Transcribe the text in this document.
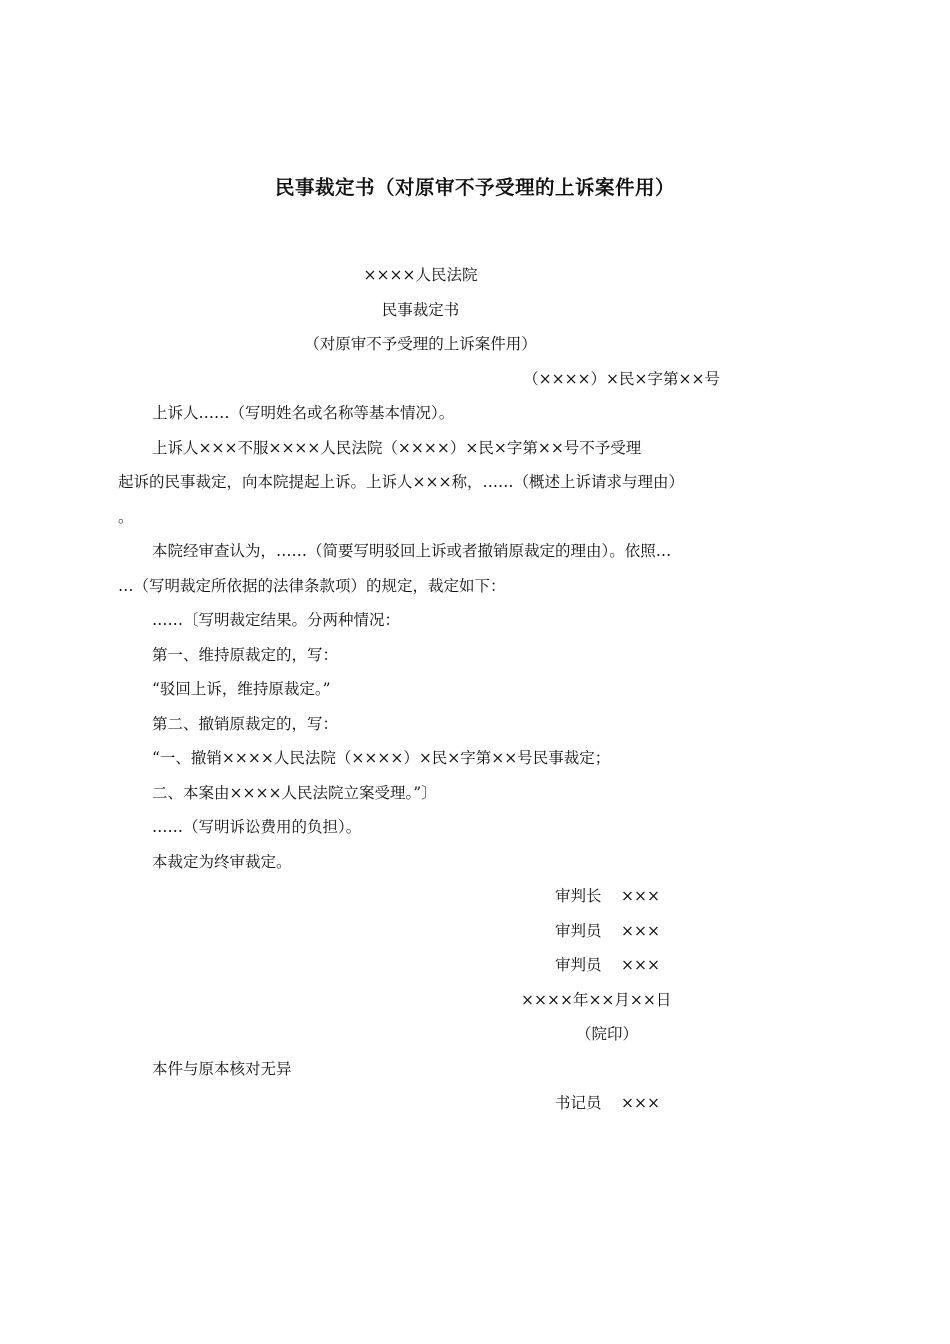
民事裁定书（对原审不予受理的上诉案件用）
××××人民法院
民事裁定书
（对原审不予受理的上诉案件用）
（××××）×民×字第××号
上诉人……（写明姓名或名称等基本情况）。
上诉人×××不服××××人民法院（××××）×民×字第××号不予受理
起诉的民事裁定，向本院提起上诉。上诉人×××称，……（概述上诉请求与理由）
。
本院经审查认为，……（简要写明驳回上诉或者撤销原裁定的理由）。依照…
…（写明裁定所依据的法律条款项）的规定，裁定如下：
……〔写明裁定结果。分两种情况：
第一、维持原裁定的，写：
“驳回上诉，维持原裁定。”
第二、撤销原裁定的，写：
“一、撤销××××人民法院（××××）×民×字第××号民事裁定；
二、本案由××××人民法院立案受理。”〕
……（写明诉讼费用的负担）。
本裁定为终审裁定。
审判长 ×××
审判员 ×××
审判员 ×××
××××年××月××日
（院印）
本件与原本核对无异
书记员 ×××
